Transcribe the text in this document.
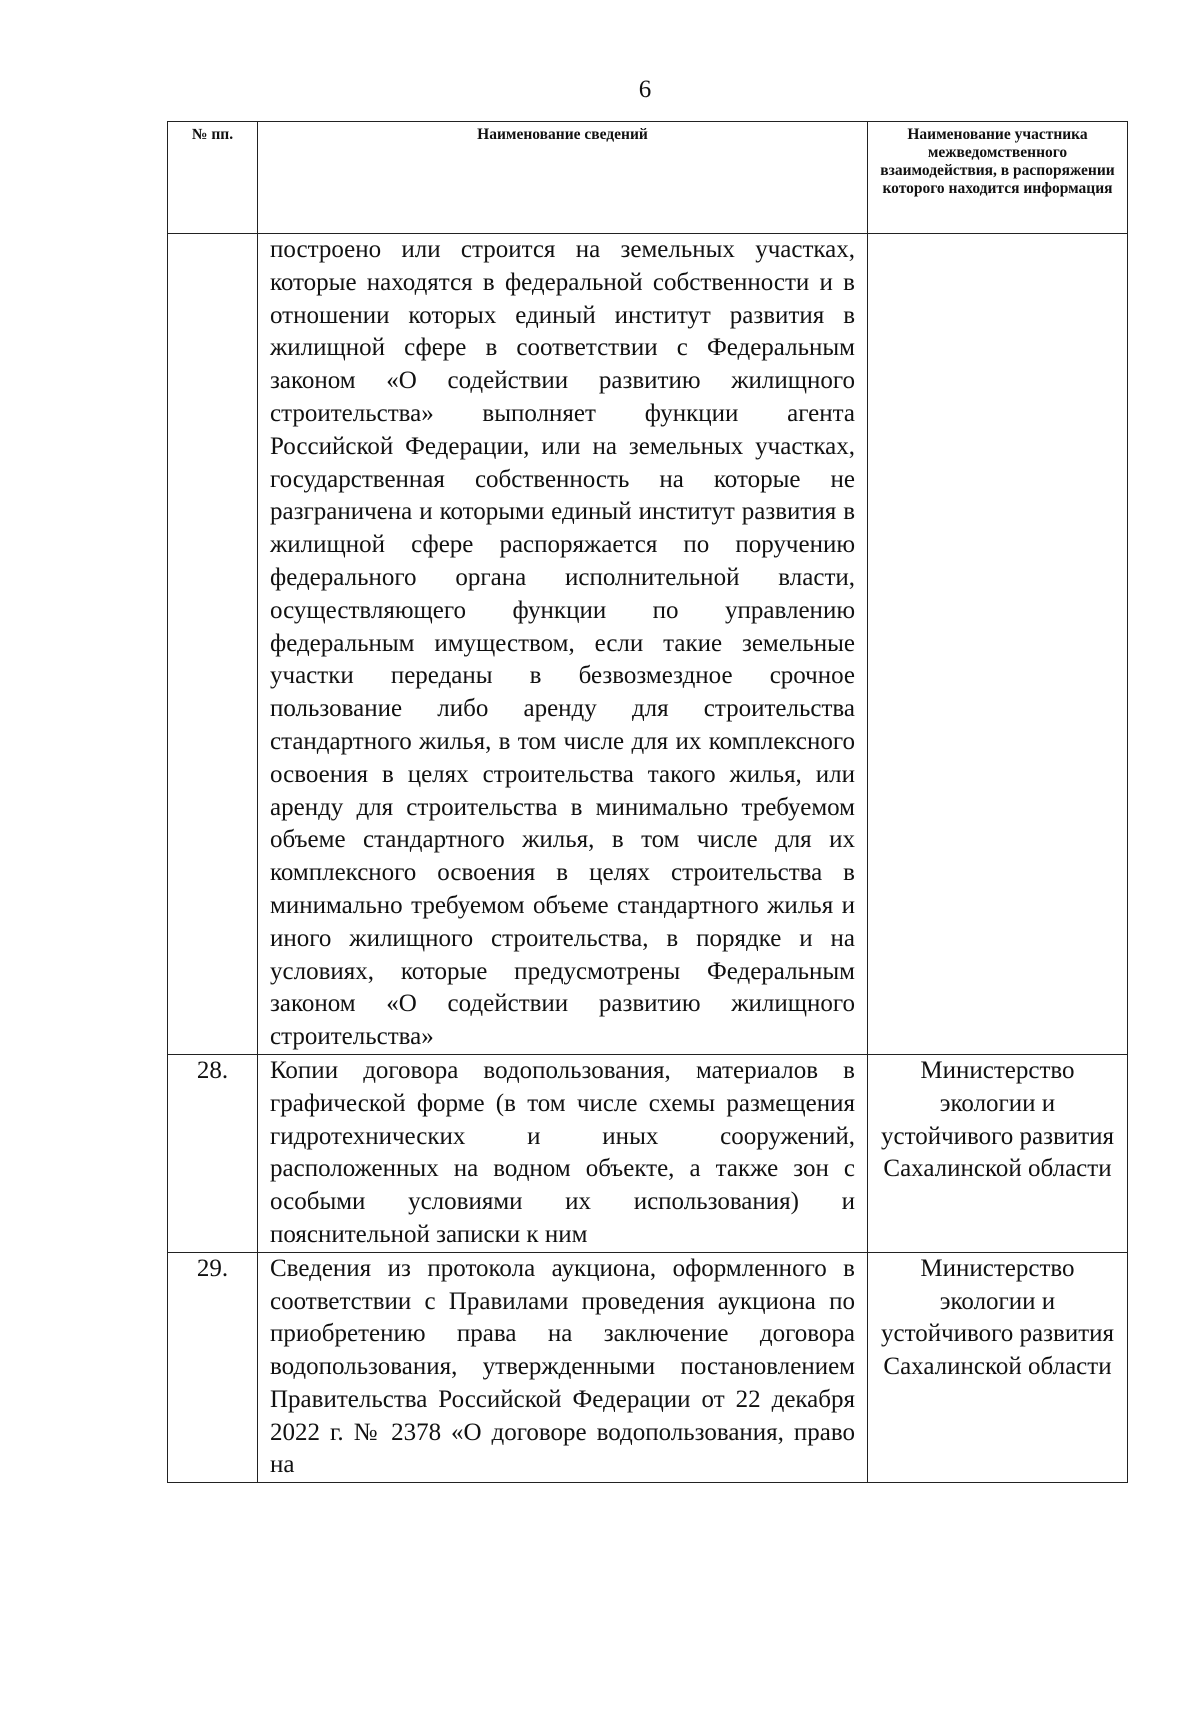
6
№ пп.	Наименование сведений	Наименование участника межведомственного взаимодействия, в распоряжении которого находится информация
	построено или строится на земельных участках, которые находятся в федеральной собственности и в отношении которых единый институт развития в жилищной сфере в соответствии с Федеральным законом «О содействии развитию жилищного строительства» выполняет функции агента Российской Федерации, или на земельных участках, государственная собственность на которые не разграничена и которыми единый институт развития в жилищной сфере распоряжается по поручению федерального органа исполнительной власти, осуществляющего функции по управлению федеральным имуществом, если такие земельные участки переданы в безвозмездное срочное пользование либо аренду для строительства стандартного жилья, в том числе для их комплексного освоения в целях строительства такого жилья, или аренду для строительства в минимально требуемом объеме стандартного жилья, в том числе для их комплексного освоения в целях строительства в минимально требуемом объеме стандартного жилья и иного жилищного строительства, в порядке и на условиях, которые предусмотрены Федеральным законом «О содействии развитию жилищного строительства»	
28.	Копии договора водопользования, материалов в графической форме (в том числе схемы размещения гидротехнических и иных сооружений, расположенных на водном объекте, а также зон с особыми условиями их использования) и пояснительной записки к ним	Министерство экологии и устойчивого развития Сахалинской области
29.	Сведения из протокола аукциона, оформленного в соответствии с Правилами проведения аукциона по приобретению права на заключение договора водопользования, утвержденными постановлением Правительства Российской Федерации от 22 декабря 2022 г. № 2378 «О договоре водопользования, право на	Министерство экологии и устойчивого развития Сахалинской области
